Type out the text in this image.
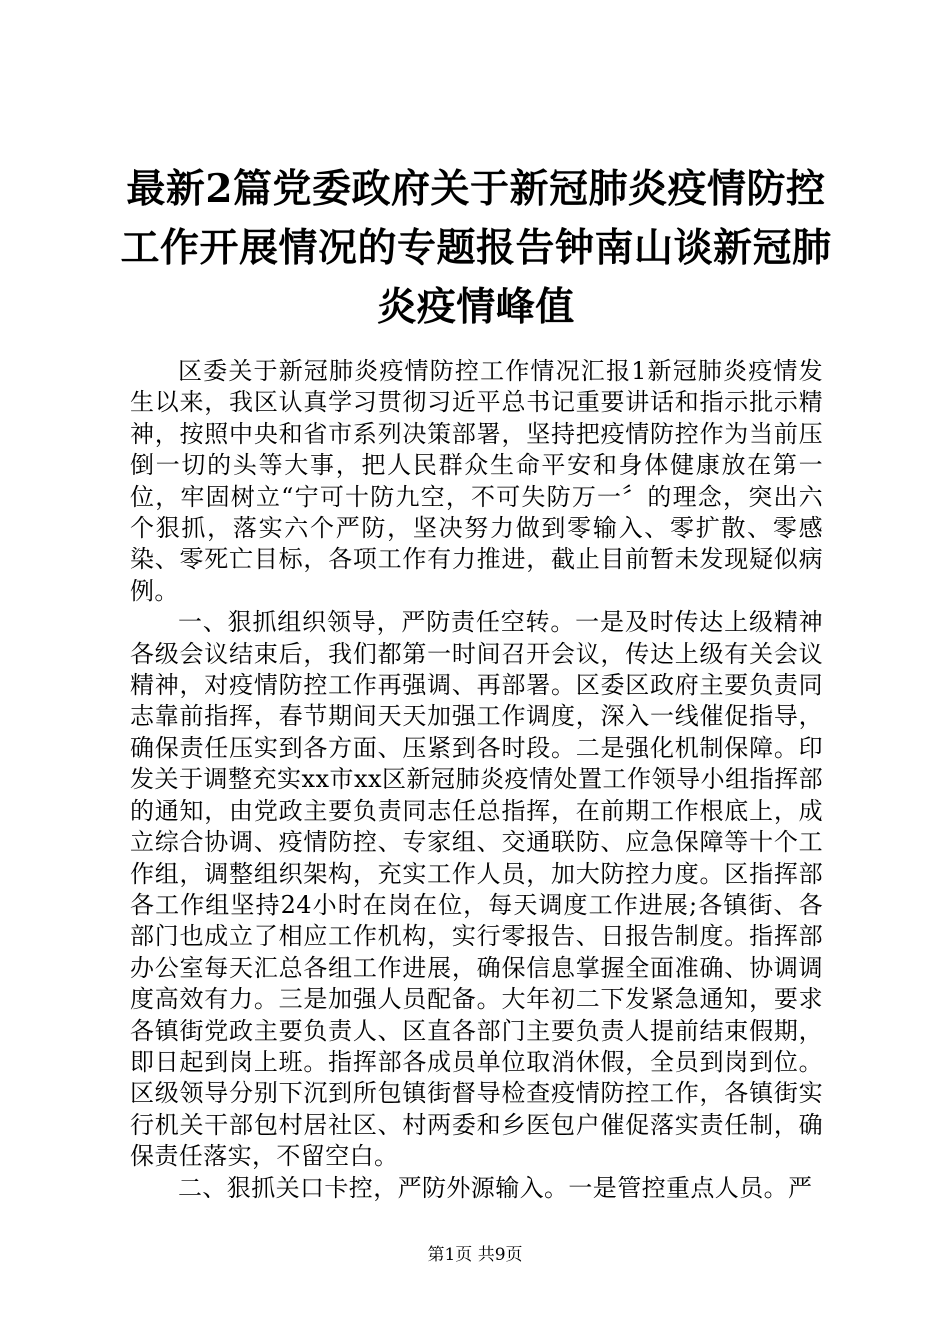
最新2篇党委政府关于新冠肺炎疫情防控工作开展情况的专题报告钟南山谈新冠肺炎疫情峰值

区委关于新冠肺炎疫情防控工作情况汇报1新冠肺炎疫情发生以来，我区认真学习贯彻习近平总书记重要讲话和指示批示精神，按照中央和省市系列决策部署，坚持把疫情防控作为当前压倒一切的头等大事，把人民群众生命平安和身体健康放在第一位，牢固树立“宁可十防九空，不可失防万一〞的理念，突出六个狠抓，落实六个严防，坚决努力做到零输入、零扩散、零感染、零死亡目标，各项工作有力推进，截止目前暂未发现疑似病例。

一、狠抓组织领导，严防责任空转。一是及时传达上级精神各级会议结束后，我们都第一时间召开会议，传达上级有关会议精神，对疫情防控工作再强调、再部署。区委区政府主要负责同志靠前指挥，春节期间天天加强工作调度，深入一线催促指导，确保责任压实到各方面、压紧到各时段。二是强化机制保障。印发关于调整充实xx市xx区新冠肺炎疫情处置工作领导小组指挥部的通知，由党政主要负责同志任总指挥，在前期工作根底上，成立综合协调、疫情防控、专家组、交通联防、应急保障等十个工作组，调整组织架构，充实工作人员，加大防控力度。区指挥部各工作组坚持24小时在岗在位，每天调度工作进展;各镇街、各部门也成立了相应工作机构，实行零报告、日报告制度。指挥部办公室每天汇总各组工作进展，确保信息掌握全面准确、协调调度高效有力。三是加强人员配备。大年初二下发紧急通知，要求各镇街党政主要负责人、区直各部门主要负责人提前结束假期，即日起到岗上班。指挥部各成员单位取消休假，全员到岗到位。区级领导分别下沉到所包镇街督导检查疫情防控工作，各镇街实行机关干部包村居社区、村两委和乡医包户催促落实责任制，确保责任落实，不留空白。

二、狠抓关口卡控，严防外源输入。一是管控重点人员。严

第1页 共9页
